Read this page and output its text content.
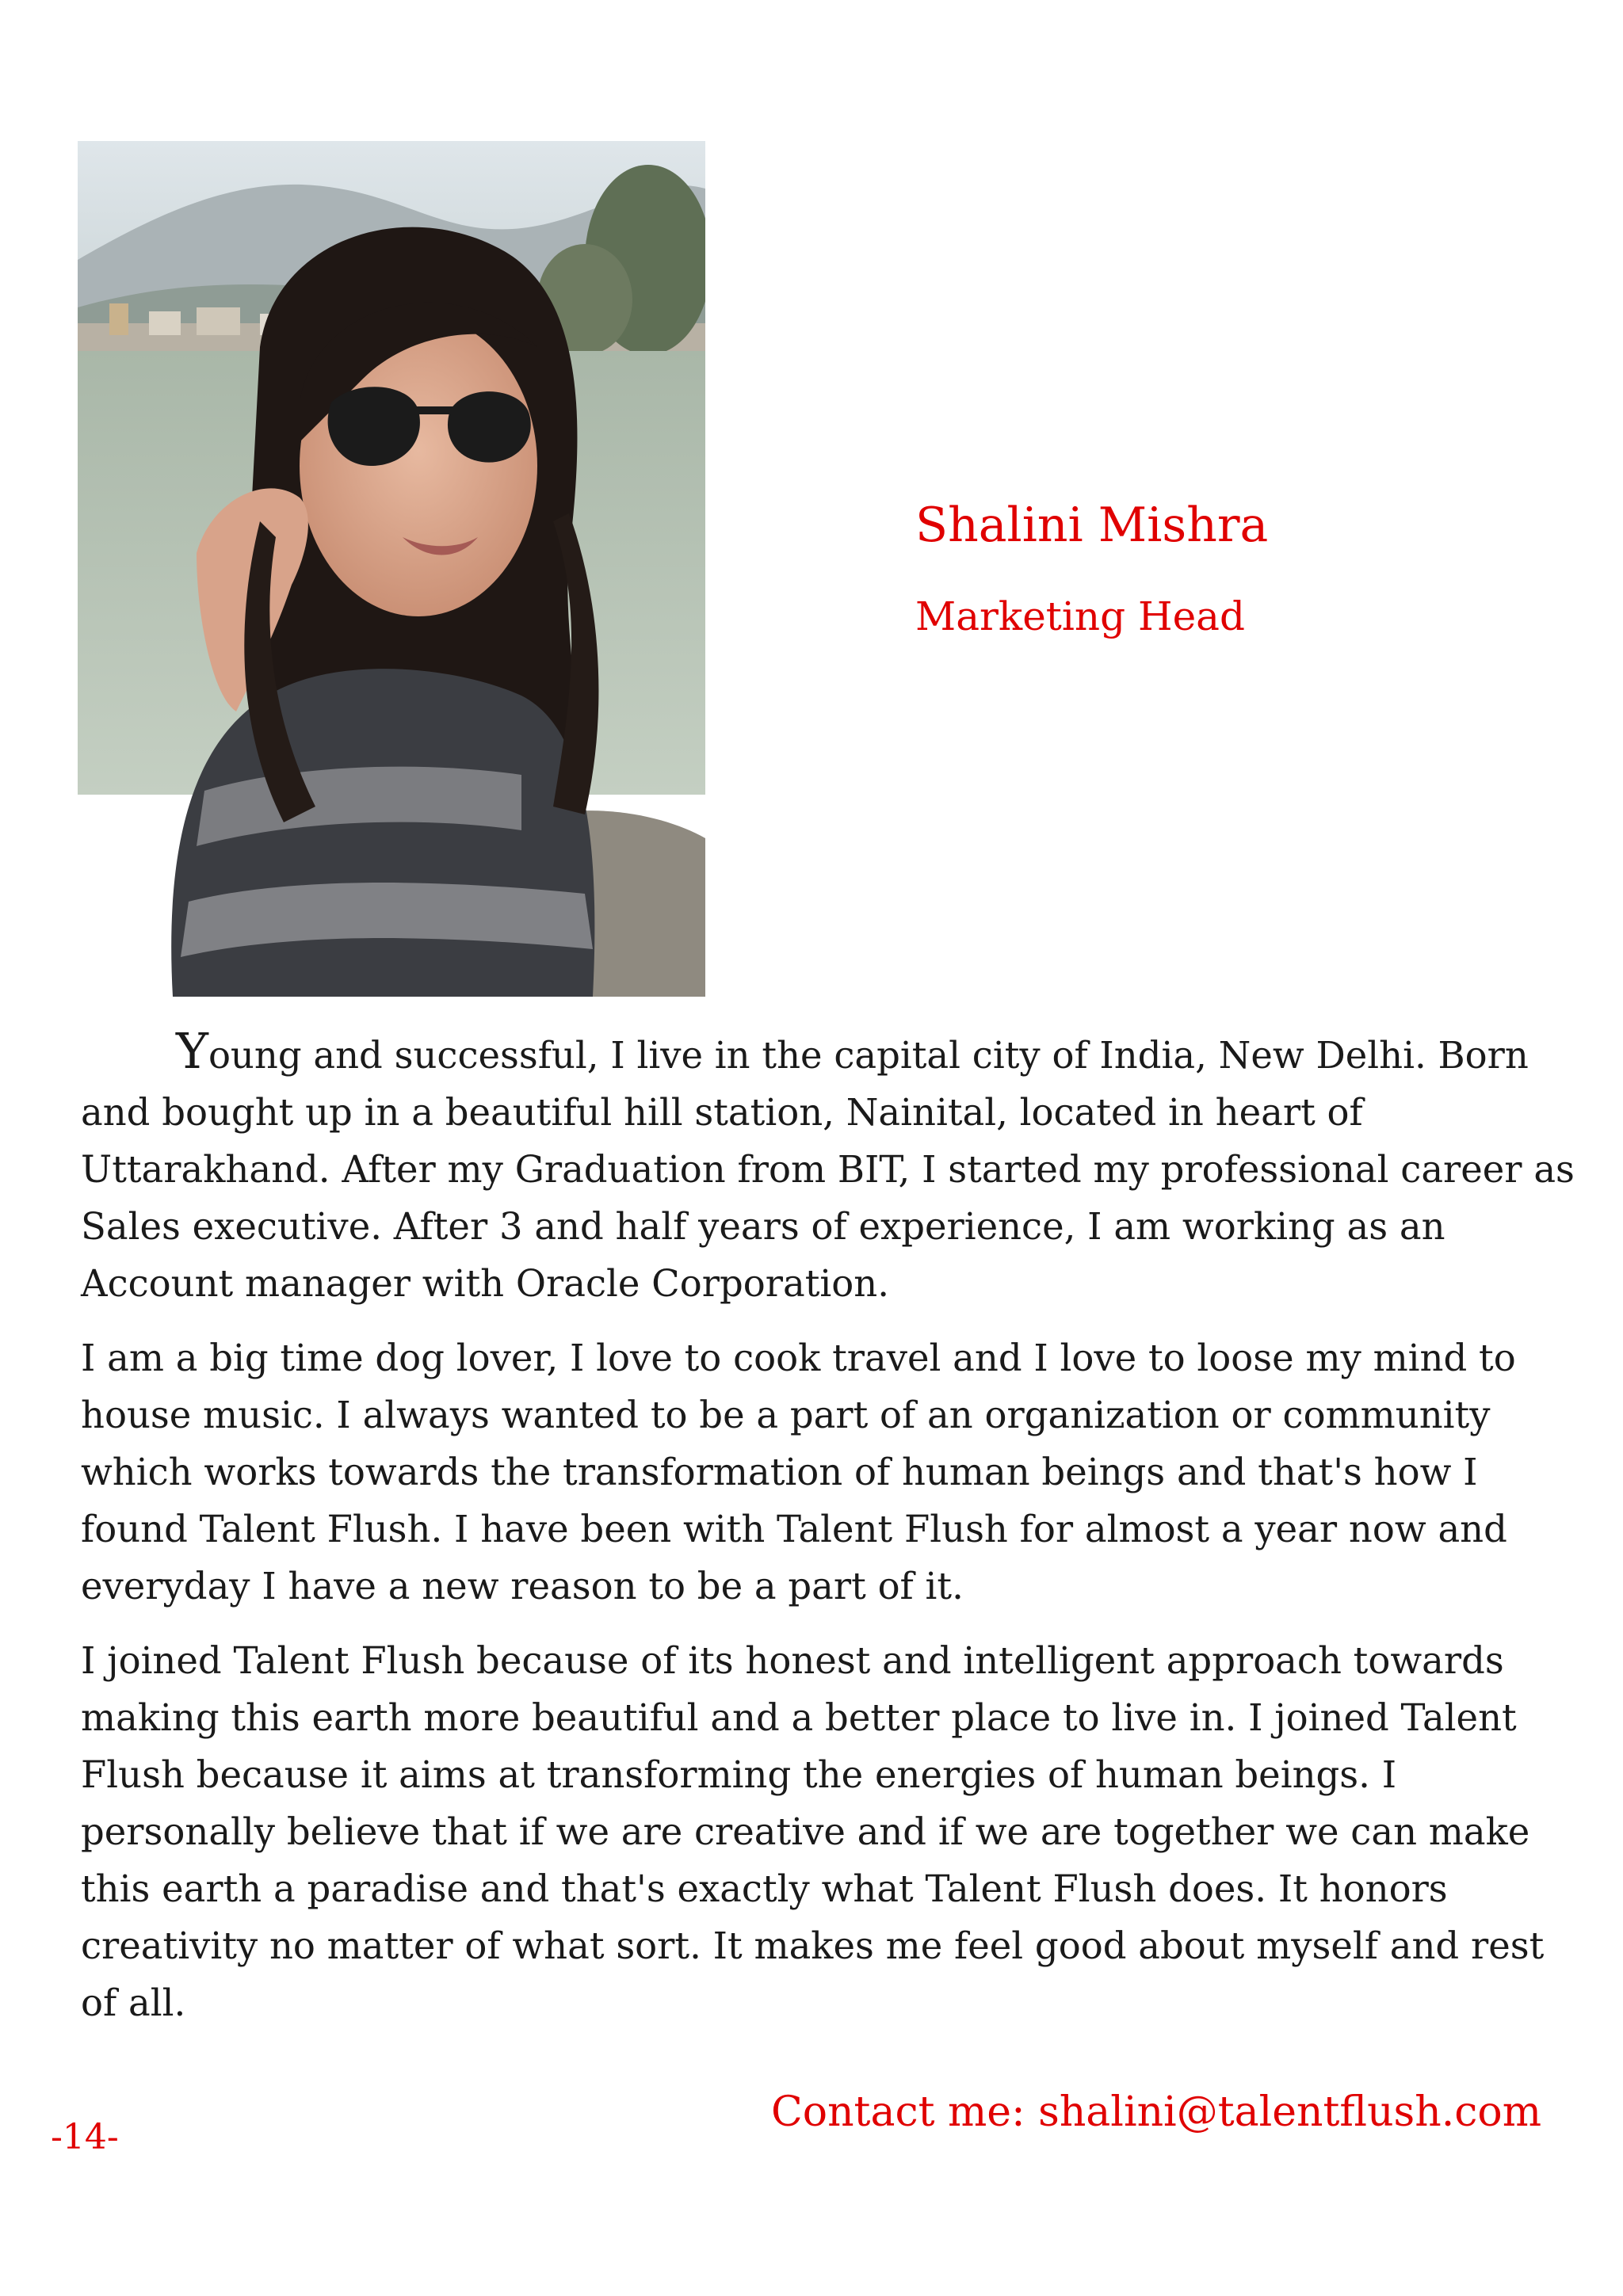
Shalini Mishra
Marketing Head

Young and successful, I live in the capital city of India, New Delhi. Born and bought up in a beautiful hill station, Nainital, located in heart of Uttarakhand. After my Graduation from BIT, I started my professional career as Sales executive. After 3 and half years of experience, I am working as an Account manager with Oracle Corporation.

I am a big time dog lover, I love to cook travel and I love to loose my mind to house music. I always wanted to be a part of an organization or community which works towards the transformation of human beings and that's how I found Talent Flush. I have been with Talent Flush for almost a year now and everyday I have a new reason to be a part of it.

I joined Talent Flush because of its honest and intelligent approach towards making this earth more beautiful and a better place to live in. I joined Talent Flush because it aims at transforming the energies of human beings. I personally believe that if we are creative and if we are together we can make this earth a paradise and that's exactly what Talent Flush does. It honors creativity no matter of what sort. It makes me feel good about myself and rest of all.

Contact me: shalini@talentflush.com
-14-
